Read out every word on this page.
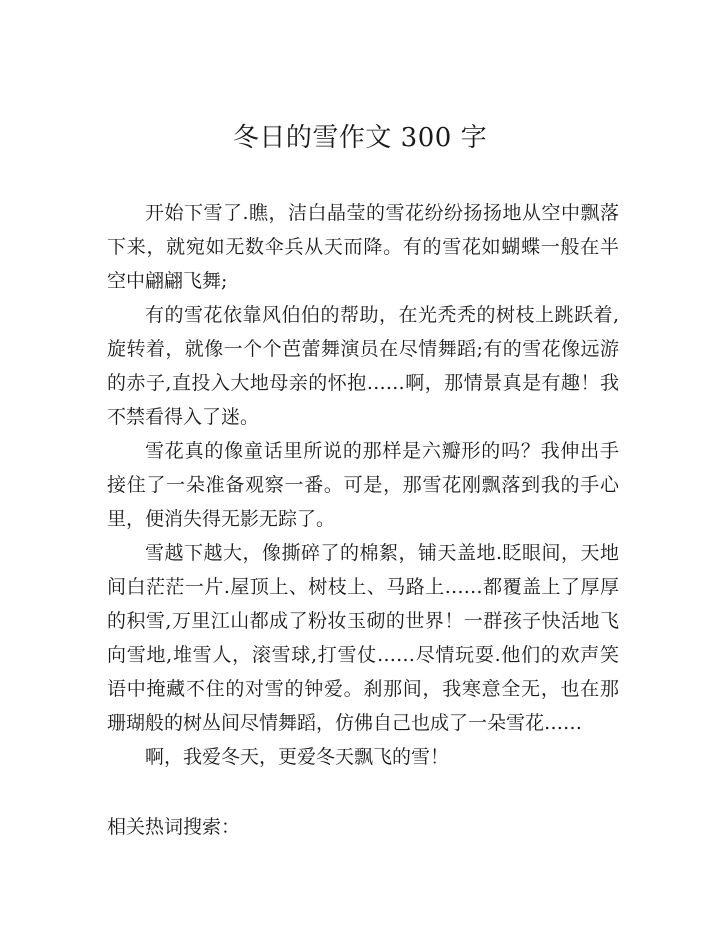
冬日的雪作文 300 字

开始下雪了.瞧，洁白晶莹的雪花纷纷扬扬地从空中飘落下来，就宛如无数伞兵从天而降。有的雪花如蝴蝶一般在半空中翩翩飞舞;

有的雪花依靠风伯伯的帮助，在光秃秃的树枝上跳跃着,旋转着，就像一个个芭蕾舞演员在尽情舞蹈;有的雪花像远游的赤子,直投入大地母亲的怀抱……啊，那情景真是有趣！我不禁看得入了迷。

雪花真的像童话里所说的那样是六瓣形的吗？我伸出手接住了一朵准备观察一番。可是，那雪花刚飘落到我的手心里，便消失得无影无踪了。

雪越下越大，像撕碎了的棉絮，铺天盖地.眨眼间，天地间白茫茫一片.屋顶上、树枝上、马路上……都覆盖上了厚厚的积雪,万里江山都成了粉妆玉砌的世界！一群孩子快活地飞向雪地,堆雪人，滚雪球,打雪仗……尽情玩耍.他们的欢声笑语中掩藏不住的对雪的钟爱。刹那间，我寒意全无，也在那珊瑚般的树丛间尽情舞蹈，仿佛自己也成了一朵雪花……

啊，我爱冬天，更爱冬天飘飞的雪！

相关热词搜索：
